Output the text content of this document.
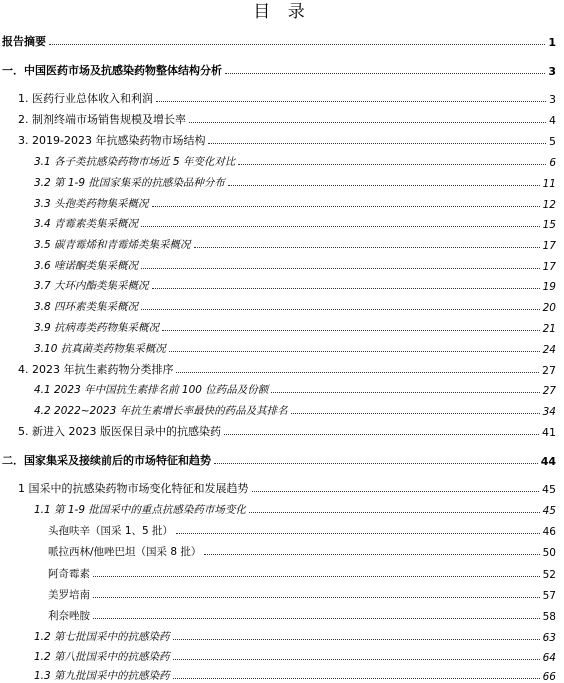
目 录
报告摘要	1
一．中国医药市场及抗感染药物整体结构分析	3
1. 医药行业总体收入和利润	3
2. 制剂终端市场销售规模及增长率	4
3. 2019-2023 年抗感染药物市场结构	5
3.1 各子类抗感染药物市场近 5 年变化对比	6
3.2 第 1-9 批国家集采的抗感染品种分布	11
3.3 头孢类药物集采概况	12
3.4 青霉素类集采概况	15
3.5 碳青霉烯和青霉烯类集采概况	17
3.6 喹诺酮类集采概况	17
3.7 大环内酯类集采概况	19
3.8 四环素类集采概况	20
3.9 抗病毒类药物集采概况	21
3.10 抗真菌类药物集采概况	24
4. 2023 年抗生素药物分类排序	27
4.1 2023 年中国抗生素排名前 100 位药品及份额	27
4.2 2022~2023 年抗生素增长率最快的药品及其排名	34
5. 新进入 2023 版医保目录中的抗感染药	41
二．国家集采及接续前后的市场特征和趋势	44
1 国采中的抗感染药物市场变化特征和发展趋势	45
1.1 第 1-9 批国采中的重点抗感染药市场变化	45
头孢呋辛（国采 1、5 批）	46
哌拉西林/他唑巴坦（国采 8 批）	50
阿奇霉素	52
美罗培南	57
利奈唑胺	58
1.2 第七批国采中的抗感染药	63
1.2 第八批国采中的抗感染药	64
1.3 第九批国采中的抗感染药	66
